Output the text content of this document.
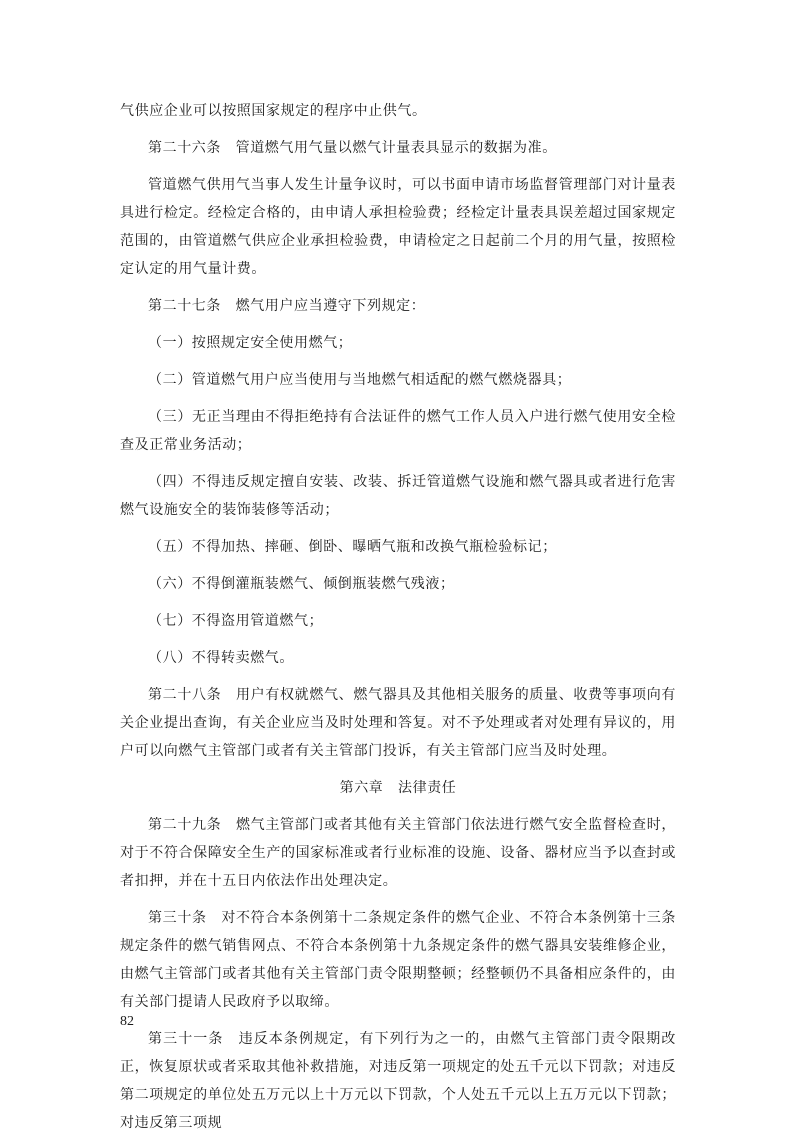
气供应企业可以按照国家规定的程序中止供气。

第二十六条　管道燃气用气量以燃气计量表具显示的数据为准。

管道燃气供用气当事人发生计量争议时，可以书面申请市场监督管理部门对计量表具进行检定。经检定合格的，由申请人承担检验费；经检定计量表具误差超过国家规定范围的，由管道燃气供应企业承担检验费，申请检定之日起前二个月的用气量，按照检定认定的用气量计费。

第二十七条　燃气用户应当遵守下列规定：

（一）按照规定安全使用燃气；

（二）管道燃气用户应当使用与当地燃气相适配的燃气燃烧器具；

（三）无正当理由不得拒绝持有合法证件的燃气工作人员入户进行燃气使用安全检查及正常业务活动；

（四）不得违反规定擅自安装、改装、拆迁管道燃气设施和燃气器具或者进行危害燃气设施安全的装饰装修等活动；

（五）不得加热、摔砸、倒卧、曝晒气瓶和改换气瓶检验标记；

（六）不得倒灌瓶装燃气、倾倒瓶装燃气残液；

（七）不得盗用管道燃气；

（八）不得转卖燃气。

第二十八条　用户有权就燃气、燃气器具及其他相关服务的质量、收费等事项向有关企业提出查询，有关企业应当及时处理和答复。对不予处理或者对处理有异议的，用户可以向燃气主管部门或者有关主管部门投诉，有关主管部门应当及时处理。

第六章　法律责任

第二十九条　燃气主管部门或者其他有关主管部门依法进行燃气安全监督检查时，对于不符合保障安全生产的国家标准或者行业标准的设施、设备、器材应当予以查封或者扣押，并在十五日内依法作出处理决定。

第三十条　对不符合本条例第十二条规定条件的燃气企业、不符合本条例第十三条规定条件的燃气销售网点、不符合本条例第十九条规定条件的燃气器具安装维修企业，由燃气主管部门或者其他有关主管部门责令限期整顿；经整顿仍不具备相应条件的，由有关部门提请人民政府予以取缔。

第三十一条　违反本条例规定，有下列行为之一的，由燃气主管部门责令限期改正，恢复原状或者采取其他补救措施，对违反第一项规定的处五千元以下罚款；对违反第二项规定的单位处五万元以上十万元以下罚款，个人处五千元以上五万元以下罚款；对违反第三项规

82
